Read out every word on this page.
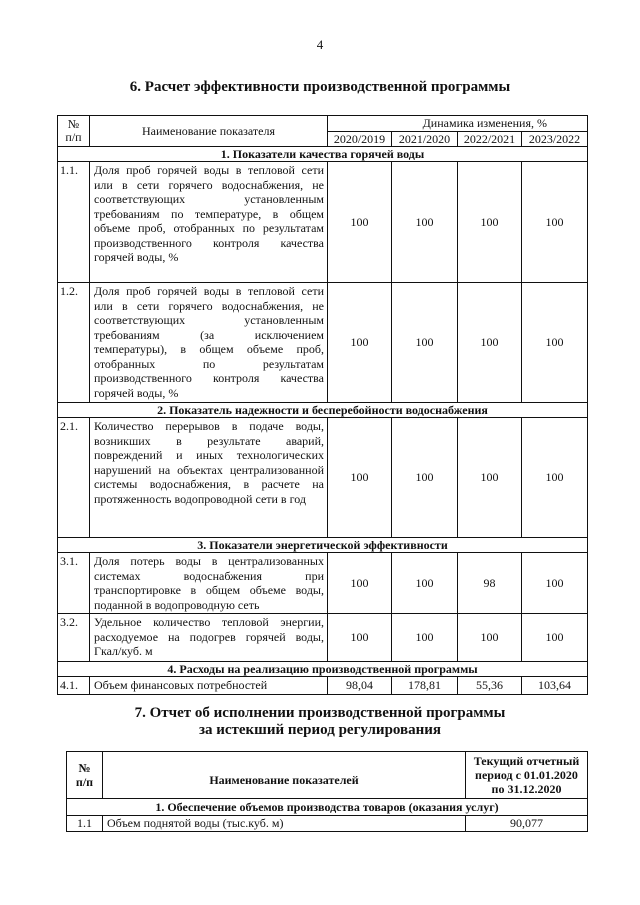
4
6. Расчет эффективности производственной программы
№
п/п	Наименование показателя	Динамика изменения, %			
		2020/2019	2021/2020	2022/2021	2023/2022
1. Показатели качества горячей воды					
1.1.	Доля проб горячей воды в тепловой сети или в сети горячего водоснабжения, не соответствующих установленным требованиям по температуре, в общем объеме проб, отобранных по результатам производственного контроля качества горячей воды, %	100	100	100	100
1.2.	Доля проб горячей воды в тепловой сети или в сети горячего водоснабжения, не соответствующих установленным требованиям (за исключением температуры), в общем объеме проб, отобранных по результатам производственного контроля качества горячей воды, %	100	100	100	100
2. Показатель надежности и бесперебойности водоснабжения					
2.1.	Количество перерывов в подаче воды, возникших в результате аварий, повреждений и иных технологических нарушений на объектах централизованной системы водоснабжения, в расчете на протяженность водопроводной сети в год	100	100	100	100
3. Показатели энергетической эффективности					
3.1.	Доля потерь воды в централизованных системах водоснабжения при транспортировке в общем объеме воды, поданной в водопроводную сеть	100	100	98	100
3.2.	Удельное количество тепловой энергии, расходуемое на подогрев горячей воды, Гкал/куб. м	100	100	100	100
4. Расходы на реализацию производственной программы					
4.1.	Объем финансовых потребностей	98,04	178,81	55,36	103,64
7. Отчет об исполнении производственной программы
за истекший период регулирования
№
п/п	Наименование показателей	Текущий отчетный
период с 01.01.2020
по 31.12.2020
1. Обеспечение объемов производства товаров (оказания услуг)		
1.1	Объем поднятой воды (тыс.куб. м)	90,077
